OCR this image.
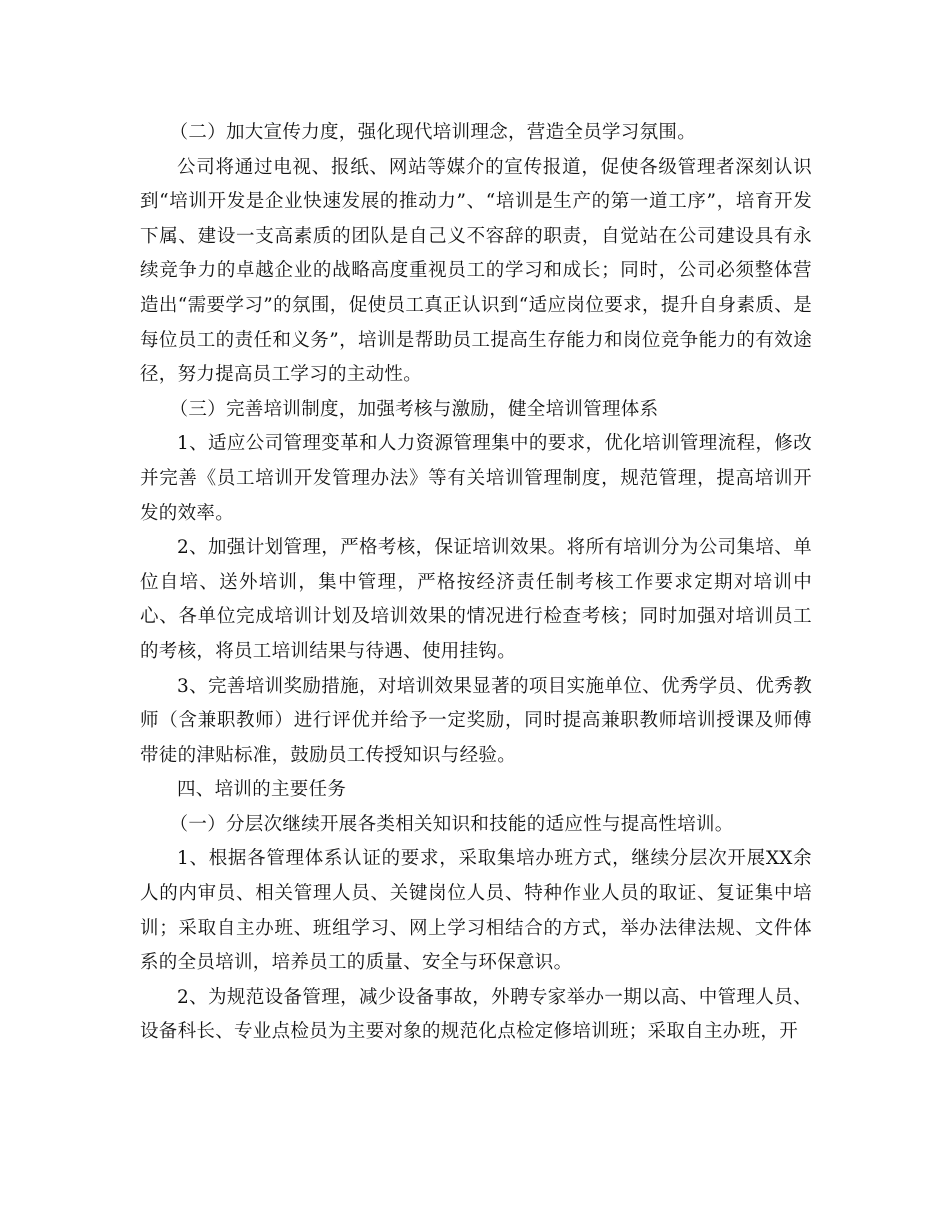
（二）加大宣传力度，强化现代培训理念，营造全员学习氛围。

公司将通过电视、报纸、网站等媒介的宣传报道，促使各级管理者深刻认识到“培训开发是企业快速发展的推动力”、“培训是生产的第一道工序”，培育开发下属、建设一支高素质的团队是自己义不容辞的职责，自觉站在公司建设具有永续竞争力的卓越企业的战略高度重视员工的学习和成长；同时，公司必须整体营造出“需要学习”的氛围，促使员工真正认识到“适应岗位要求，提升自身素质、是每位员工的责任和义务”，培训是帮助员工提高生存能力和岗位竞争能力的有效途径，努力提高员工学习的主动性。

（三）完善培训制度，加强考核与激励，健全培训管理体系

1、适应公司管理变革和人力资源管理集中的要求，优化培训管理流程，修改并完善《员工培训开发管理办法》等有关培训管理制度，规范管理，提高培训开发的效率。

2、加强计划管理，严格考核，保证培训效果。将所有培训分为公司集培、单位自培、送外培训，集中管理，严格按经济责任制考核工作要求定期对培训中心、各单位完成培训计划及培训效果的情况进行检查考核；同时加强对培训员工的考核，将员工培训结果与待遇、使用挂钩。

3、完善培训奖励措施，对培训效果显著的项目实施单位、优秀学员、优秀教师（含兼职教师）进行评优并给予一定奖励，同时提高兼职教师培训授课及师傅带徒的津贴标准，鼓励员工传授知识与经验。

四、培训的主要任务

（一）分层次继续开展各类相关知识和技能的适应性与提高性培训。

1、根据各管理体系认证的要求，采取集培办班方式，继续分层次开展XX余人的内审员、相关管理人员、关键岗位人员、特种作业人员的取证、复证集中培训；采取自主办班、班组学习、网上学习相结合的方式，举办法律法规、文件体系的全员培训，培养员工的质量、安全与环保意识。

2、为规范设备管理，减少设备事故，外聘专家举办一期以高、中管理人员、设备科长、专业点检员为主要对象的规范化点检定修培训班；采取自主办班，开
